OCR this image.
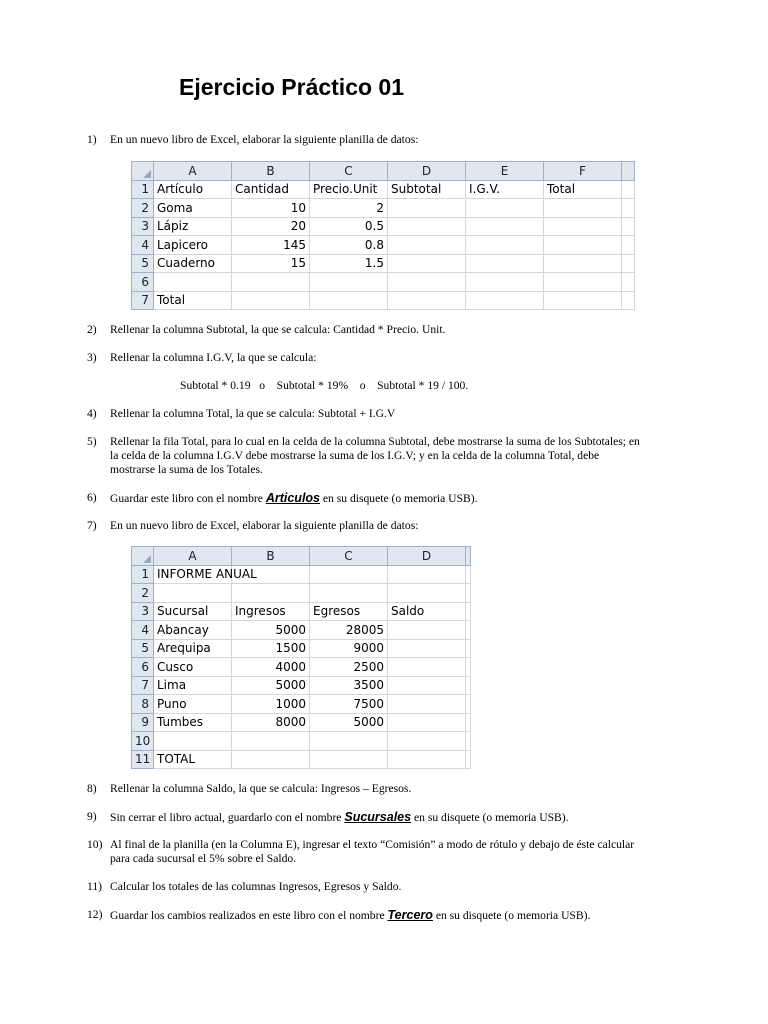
Ejercicio Práctico 01
1) En un nuevo libro de Excel, elaborar la siguiente planilla de datos:
	A	B	C	D	E	F	
1	Artículo	Cantidad	Precio.Unit	Subtotal	I.G.V.	Total	
2	Goma	10	2				
3	Lápiz	20	0.5				
4	Lapicero	145	0.8				
5	Cuaderno	15	1.5				
6							
7	Total						
2) Rellenar la columna Subtotal, la que se calcula: Cantidad * Precio. Unit.
3) Rellenar la columna I.G.V, la que se calcula:
Subtotal * 0.19   o    Subtotal * 19%    o    Subtotal * 19 / 100.
4) Rellenar la columna Total, la que se calcula: Subtotal + I.G.V
5) Rellenar la fila Total, para lo cual en la celda de la columna Subtotal, debe mostrarse la suma de los Subtotales; en la celda de la columna I.G.V debe mostrarse la suma de los I.G.V; y en la celda de la columna Total, debe mostrarse la suma de los Totales.
6) Guardar este libro con el nombre Articulos en su disquete (o memoria USB).
7) En un nuevo libro de Excel, elaborar la siguiente planilla de datos:
	A	B	C	D	
1	INFORME ANUAL				
2					
3	Sucursal	Ingresos	Egresos	Saldo	
4	Abancay	5000	28005		
5	Arequipa	1500	9000		
6	Cusco	4000	2500		
7	Lima	5000	3500		
8	Puno	1000	7500		
9	Tumbes	8000	5000		
10					
11	TOTAL				
8) Rellenar la columna Saldo, la que se calcula: Ingresos – Egresos.
9) Sin cerrar el libro actual, guardarlo con el nombre Sucursales en su disquete (o memoria USB).
10) Al final de la planilla (en la Columna E), ingresar el texto “Comisión” a modo de rótulo y debajo de éste calcular para cada sucursal el 5% sobre el Saldo.
11) Calcular los totales de las columnas Ingresos, Egresos y Saldo.
12) Guardar los cambios realizados en este libro con el nombre Tercero en su disquete (o memoria USB).
